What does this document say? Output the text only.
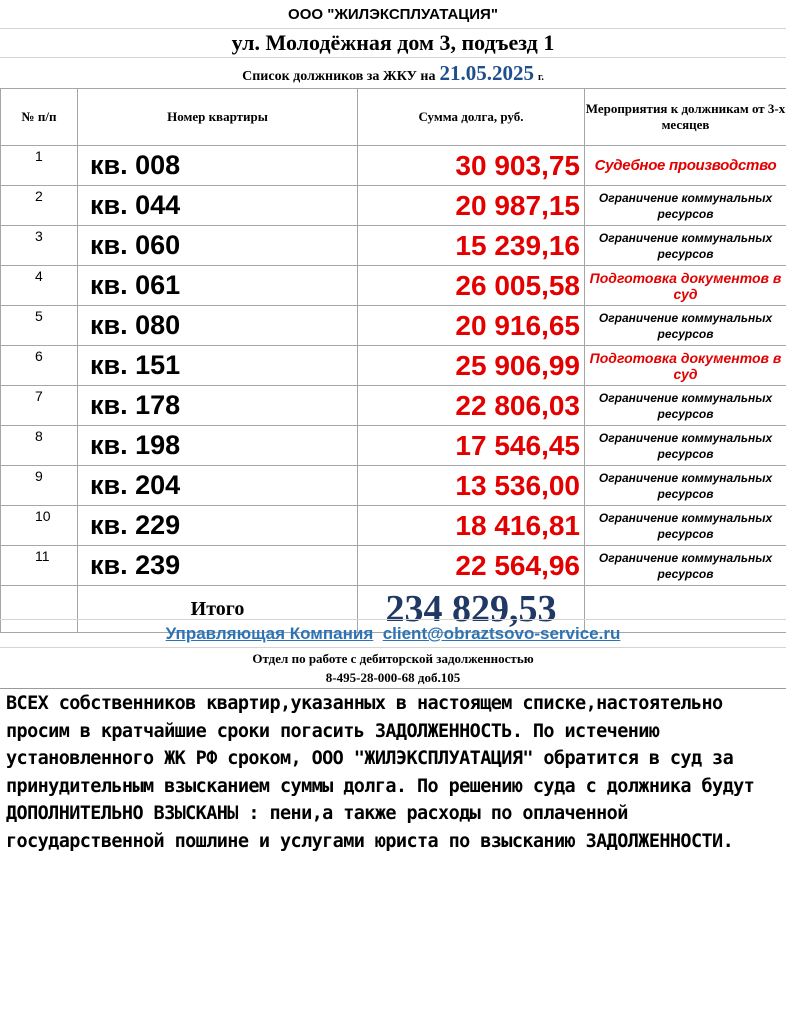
ООО "ЖИЛЭКСПЛУАТАЦИЯ"
ул. Молодёжная дом 3, подъезд 1
Список должников за ЖКУ на 21.05.2025 г.
№ п/п	Номер квартиры	Сумма долга, руб.	Мероприятия к должникам от 3-х месяцев
1	кв. 008	30 903,75	Судебное производство
2	кв. 044	20 987,15	Ограничение коммунальных ресурсов
3	кв. 060	15 239,16	Ограничение коммунальных ресурсов
4	кв. 061	26 005,58	Подготовка документов в суд
5	кв. 080	20 916,65	Ограничение коммунальных ресурсов
6	кв. 151	25 906,99	Подготовка документов в суд
7	кв. 178	22 806,03	Ограничение коммунальных ресурсов
8	кв. 198	17 546,45	Ограничение коммунальных ресурсов
9	кв. 204	13 536,00	Ограничение коммунальных ресурсов
10	кв. 229	18 416,81	Ограничение коммунальных ресурсов
11	кв. 239	22 564,96	Ограничение коммунальных ресурсов
	Итого	234 829,53	
Управляющая Компания client@obraztsovo-service.ru
Отдел по работе с дебиторской задолженностью
8-495-28-000-68 доб.105
ВСЕХ собственников квартир,указанных в настоящем списке,настоятельно просим в кратчайшие сроки погасить ЗАДОЛЖЕННОСТЬ. По истечению установленного ЖК РФ сроком, ООО "ЖИЛЭКСПЛУАТАЦИЯ" обратится в суд за принудительным взысканием суммы долга. По решению суда с должника будут ДОПОЛНИТЕЛЬНО ВЗЫСКАНЫ : пени,а также расходы по оплаченной государственной пошлине и услугами юриста по взысканию ЗАДОЛЖЕННОСТИ.
